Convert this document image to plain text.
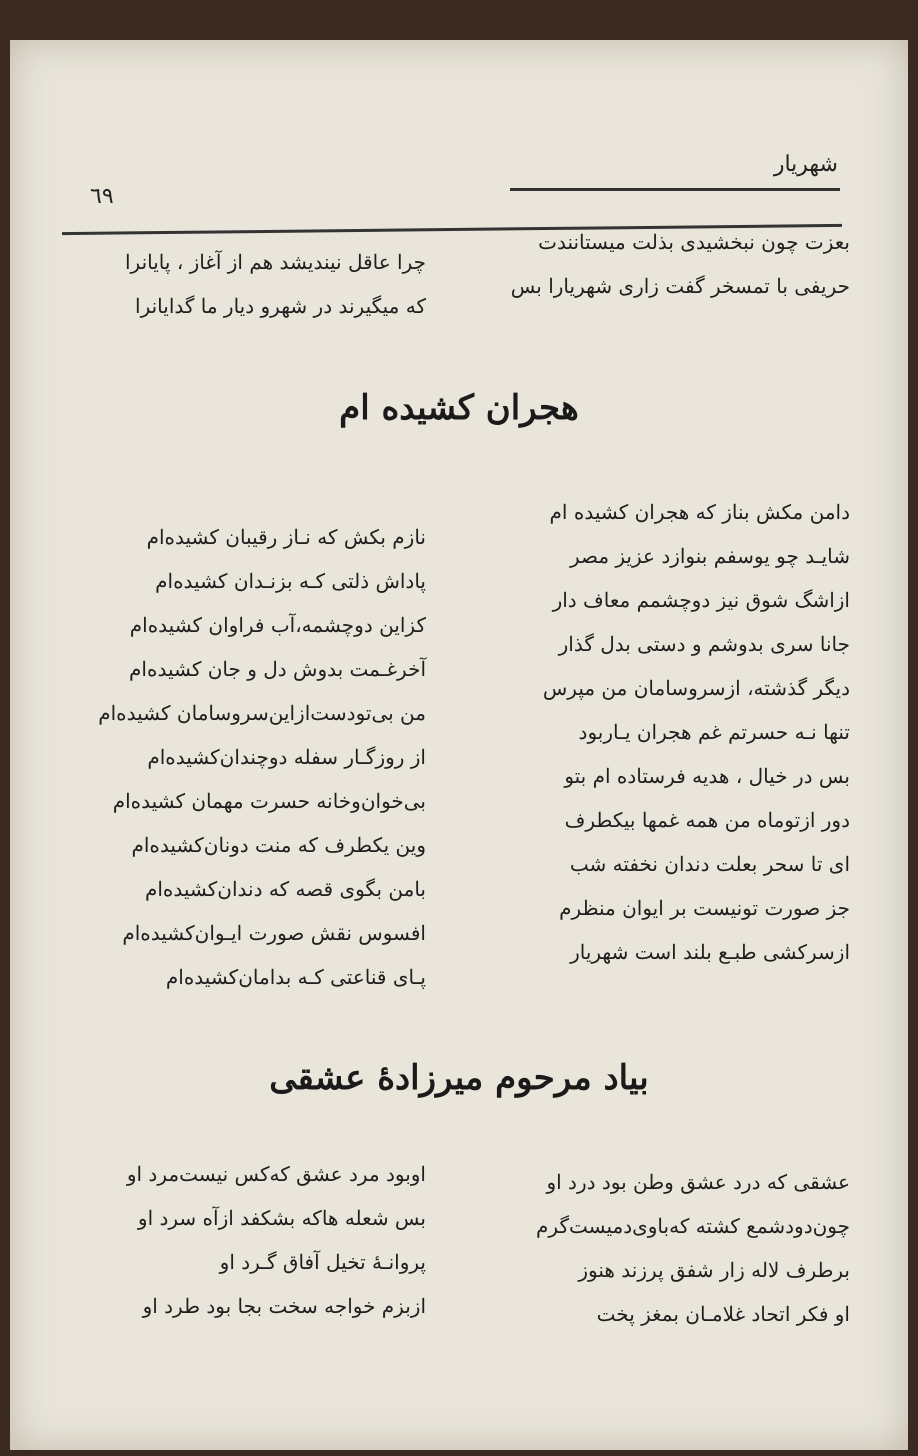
شهریار
٦٩
بعزت چون نبخشیدی بذلت میستانندت
حریفی با تمسخر گفت زاری شهریارا بس
چرا عاقل نیندیشد هم از آغاز ، پایانرا
که میگیرند در شهرو دیار ما گدایانرا
هجران کشیده ام
دامن مکش بناز که هجران کشیده ام
شایـد چو یوسفم بنوازد عزیز مصر
ازاشگ شوق نیز دوچشمم معاف دار
جانا سری بدوشم و دستی بدل گذار
دیگر گذشته، ازسروسامان من مپرس
تنها نـه حسرتم غم هجران یـاربود
بس در خیال ، هدیه فرستاده ام بتو
دور ازتوماه من همه غمها بیکطرف
ای تا سحر بعلت دندان نخفته شب
جز صورت تونیست بر ایوان منظرم
ازسرکشی طبـع بلند است شهریار
نازم بکش که نـاز رقیبان کشیده‌ام
پاداش ذلتی کـه بزنـدان کشیده‌ام
کزاین دوچشمه،آب فراوان کشیده‌ام
آخرغـمت بدوش دل و جان کشیده‌ام
من بی‌تودست‌ازاین‌سروسامان کشیده‌ام
از روزگـار سفله دوچندان‌کشیده‌ام
بی‌خوان‌وخانه حسرت مهمان کشیده‌ام
وین یکطرف که منت دونان‌کشیده‌ام
بامن بگوی قصه که دندان‌کشیده‌ام
افسوس نقش صورت ایـوان‌کشیده‌ام
پـای قناعتی کـه بدامان‌کشیده‌ام
بیاد مرحوم میرزادهٔ عشقی
عشقی که درد عشق وطن بود درد او
چون‌دودشمع کشته که‌باوی‌دمیست‌گرم
برطرف لاله زار شفق پرزند هنوز
او فکر اتحاد غلامـان بمغز پخت
اوبود مرد عشق که‌کس نیست‌مرد او
بس شعله ها‌که بشکفد ازآه سرد او
پروانـهٔ تخیل آفاق گـرد او
ازبزم خواجه سخت بجا بود طرد او
